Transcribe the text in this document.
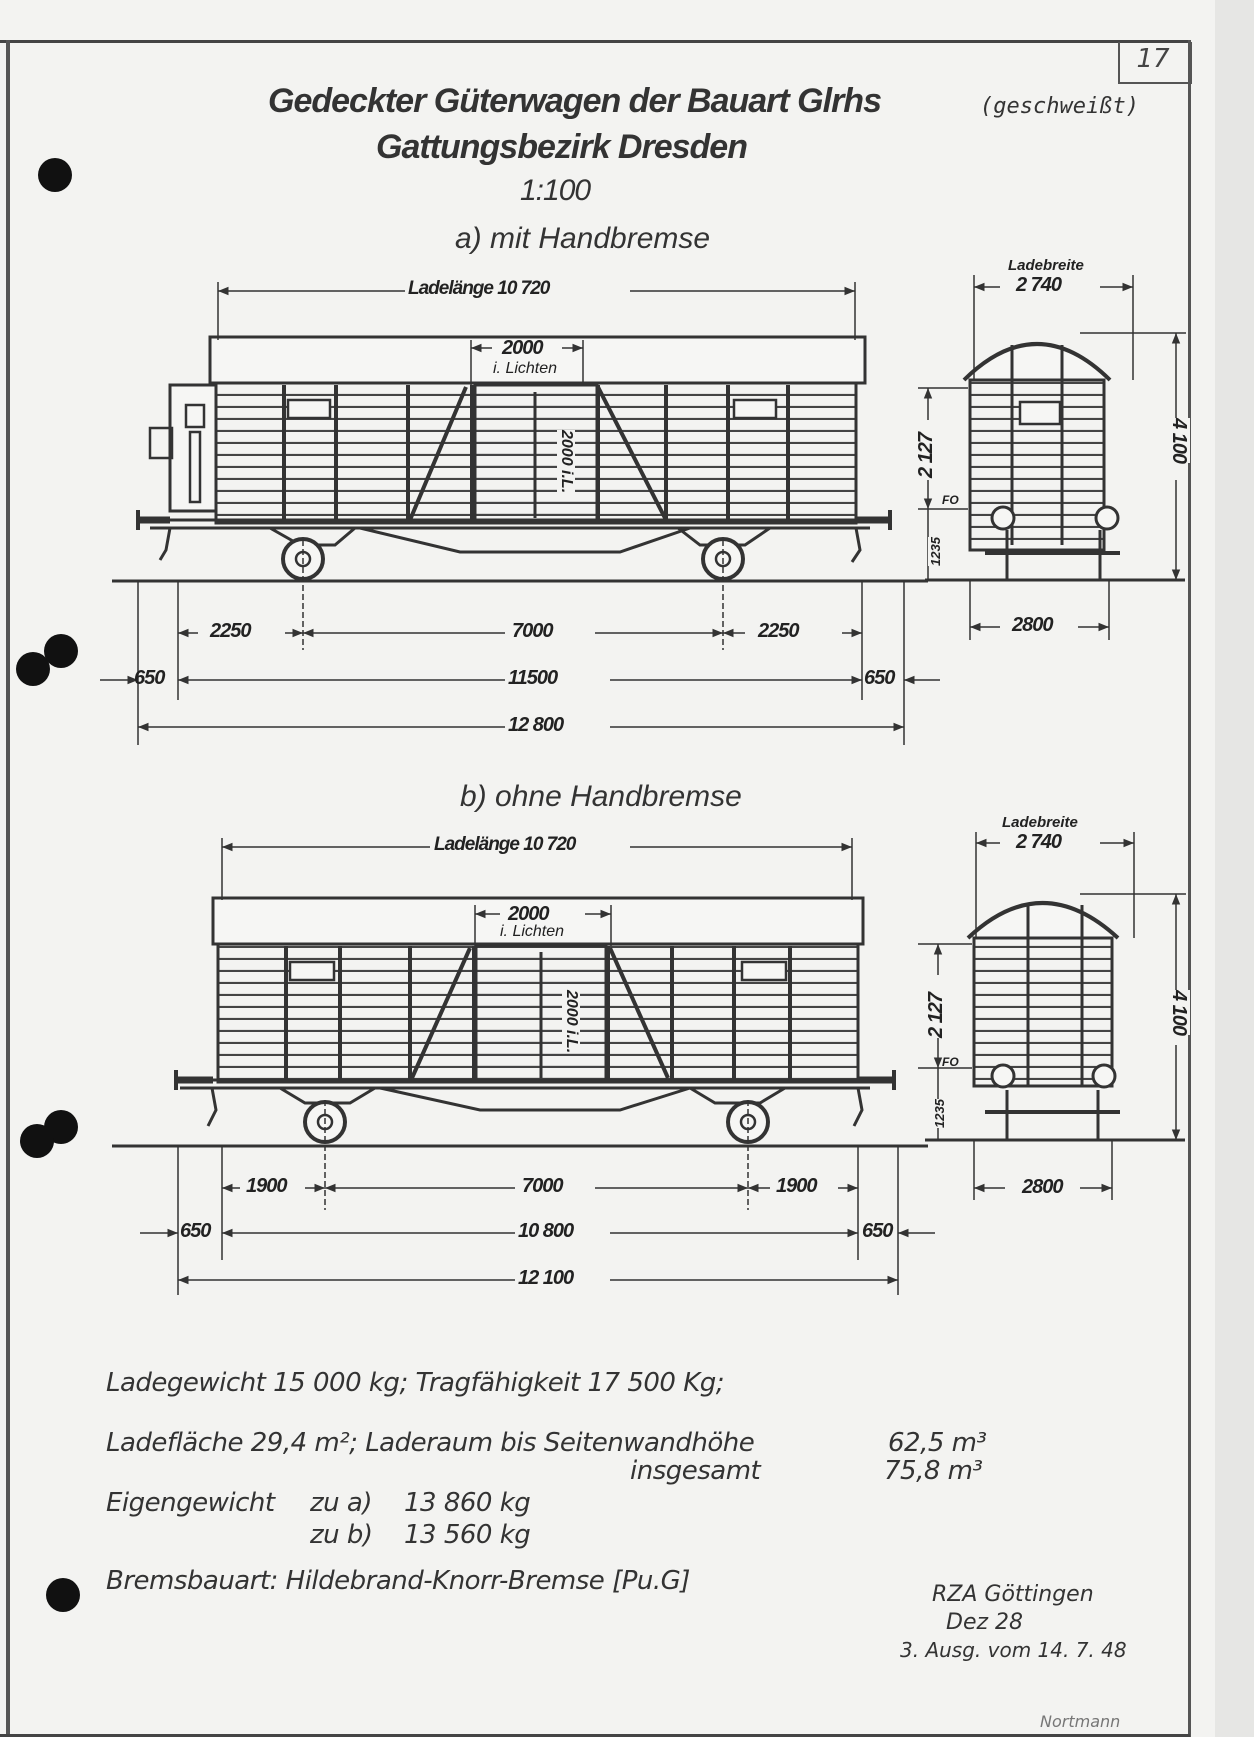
17
Gedeckter Güterwagen der Bauart Glrhs	(geschweißt)
Gattungsbezirk Dresden
1:100
a) mit Handbremse
b) ohne Handbremse
Ladelänge 10 720
2000
i. Lichten
2000 i.L.
Ladebreite
2 740
2 127
FO
1235
4 100
2800
2250	7000	2250
650	11500	650
12 800
Ladelänge 10 720
2000
i. Lichten
2000 i.L.
Ladebreite
2 740
2 127
FO
1235
4 100
2800
1900	7000	1900
650	10 800	650
12 100
Ladegewicht 15 000 kg; Tragfähigkeit 17 500 Kg;
Ladefläche 29,4 m²; Laderaum bis Seitenwandhöhe	62,5 m³
insgesamt	75,8 m³
Eigengewicht zu a) 13 860 kg
zu b) 13 560 kg
Bremsbauart: Hildebrand-Knorr-Bremse [Pu.G]	RZA Göttingen
Dez 28
3. Ausg. vom 14. 7. 48
Nortmann
